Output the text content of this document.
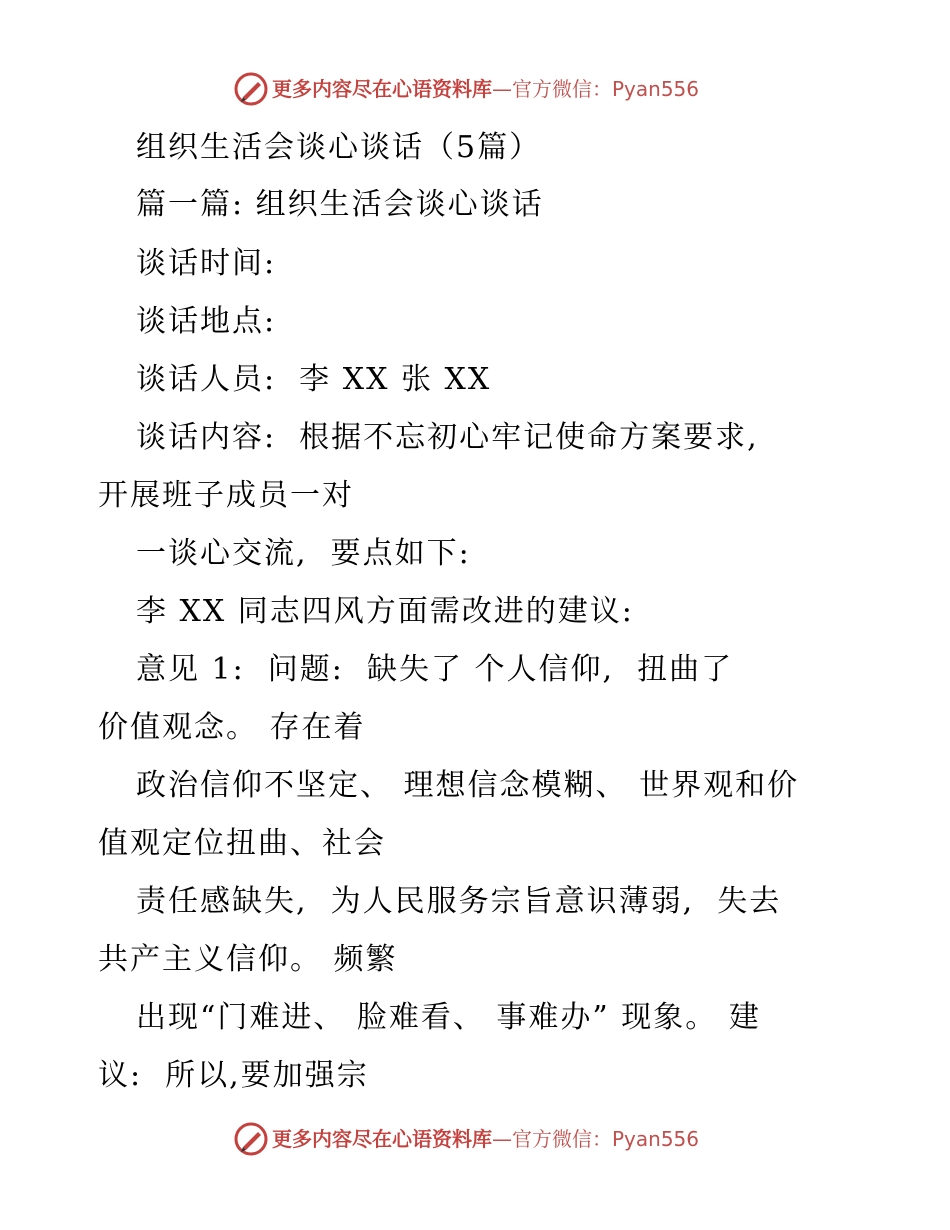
更多内容尽在心语资料库—官方微信：Pyan556
组织生活会谈心谈话（5篇）
篇一篇: 组织生活会谈心谈话
谈话时间:
谈话地点:
谈话人员:  李 XX 张 XX
谈话内容:  根据不忘初心牢记使命方案要求,
开展班子成员一对
一谈心交流,  要点如下:
李 XX 同志四风方面需改进的建议:
意见 1:  问题:  缺失了 个人信仰,  扭曲了
价值观念。 存在着
政治信仰不坚定、 理想信念模糊、 世界观和价
值观定位扭曲、社会
责任感缺失,  为人民服务宗旨意识薄弱,  失去
共产主义信仰。 频繁
出现“门难进、 脸难看、 事难办” 现象。 建
议:  所以,要加强宗
更多内容尽在心语资料库—官方微信：Pyan556
